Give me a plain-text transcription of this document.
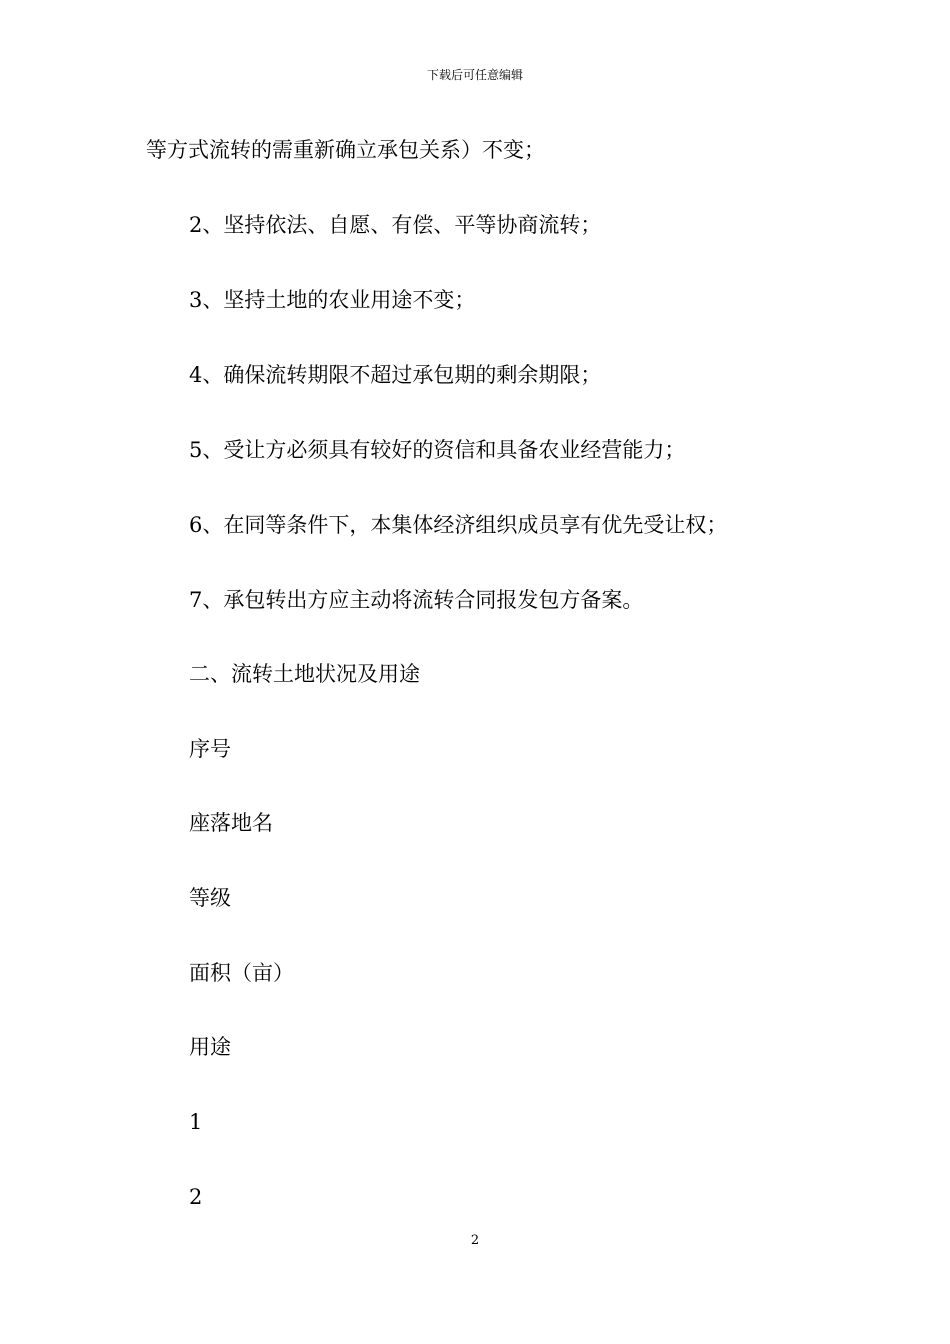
下载后可任意编辑
等方式流转的需重新确立承包关系）不变；
2、坚持依法、自愿、有偿、平等协商流转；
3、坚持土地的农业用途不变；
4、确保流转期限不超过承包期的剩余期限；
5、受让方必须具有较好的资信和具备农业经营能力；
6、在同等条件下，本集体经济组织成员享有优先受让权；
7、承包转出方应主动将流转合同报发包方备案。
二、流转土地状况及用途
序号
座落地名
等级
面积（亩）
用途
1
2
2
